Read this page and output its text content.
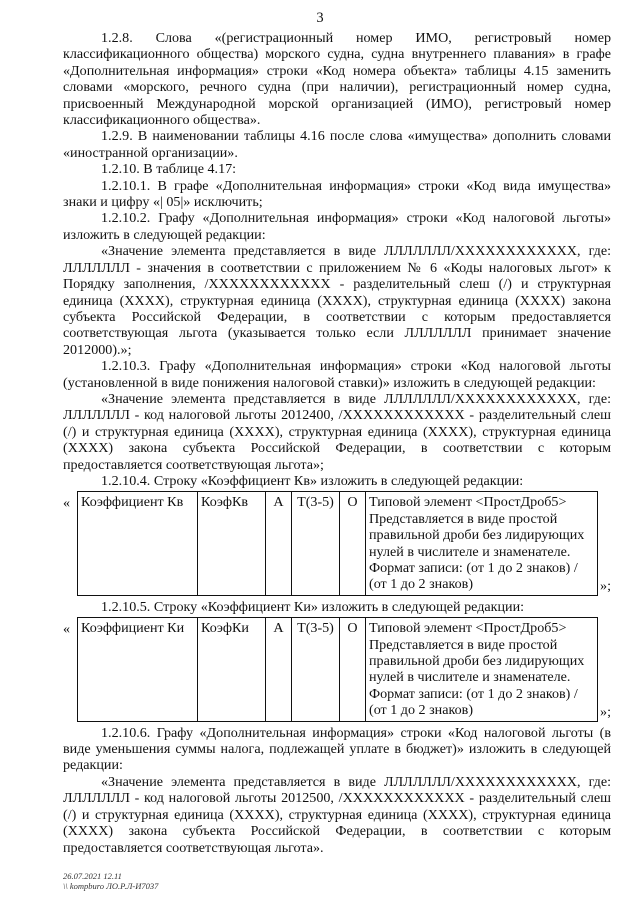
3

1.2.8. Слова «(регистрационный номер ИМО, регистровый номер классификационного общества) морского судна, судна внутреннего плавания» в графе «Дополнительная информация» строки «Код номера объекта» таблицы 4.15 заменить словами «морского, речного судна (при наличии), регистрационный номер судна, присвоенный Международной морской организацией (ИМО), регистровый номер классификационного общества».

1.2.9. В наименовании таблицы 4.16 после слова «имущества» дополнить словами «иностранной организации».

1.2.10. В таблице 4.17:

1.2.10.1. В графе «Дополнительная информация» строки «Код вида имущества» знаки и цифру «| 05|» исключить;

1.2.10.2. Графу «Дополнительная информация» строки «Код налоговой льготы» изложить в следующей редакции:

«Значение элемента представляется в виде ЛЛЛЛЛЛЛ/ХХХХХХХХХХХХ, где: ЛЛЛЛЛЛЛ - значения в соответствии с приложением № 6 «Коды налоговых льгот» к Порядку заполнения, /ХХХХХХХХХХХХ - разделительный слеш (/) и структурная единица (ХХХХ), структурная единица (ХХХХ), структурная единица (ХХХХ) закона субъекта Российской Федерации, в соответствии с которым предоставляется соответствующая льгота (указывается только если ЛЛЛЛЛЛЛ принимает значение 2012000).»;

1.2.10.3. Графу «Дополнительная информация» строки «Код налоговой льготы (установленной в виде понижения налоговой ставки)» изложить в следующей редакции:

«Значение элемента представляется в виде ЛЛЛЛЛЛЛ/ХХХХХХХХХХХХ, где: ЛЛЛЛЛЛЛ - код налоговой льготы 2012400, /ХХХХХХХХХХХХ - разделительный слеш (/) и структурная единица (ХХХХ), структурная единица (ХХХХ), структурная единица (ХХХХ) закона субъекта Российской Федерации, в соответствии с которым предоставляется соответствующая льгота»;

1.2.10.4. Строку «Коэффициент Кв» изложить в следующей редакции:

« Коэффициент Кв	КоэфКв	А	Т(3-5)	О	Типовой элемент <ПростДроб5> Представляется в виде простой правильной дроби без лидирующих нулей в числителе и знаменателе. Формат записи: (от 1 до 2 знаков) / (от 1 до 2 знаков)	»;

1.2.10.5. Строку «Коэффициент Ки» изложить в следующей редакции:

« Коэффициент Ки	КоэфКи	А	Т(3-5)	О	Типовой элемент <ПростДроб5> Представляется в виде простой правильной дроби без лидирующих нулей в числителе и знаменателе. Формат записи: (от 1 до 2 знаков) / (от 1 до 2 знаков)	»;

1.2.10.6. Графу «Дополнительная информация» строки «Код налоговой льготы (в виде уменьшения суммы налога, подлежащей уплате в бюджет)» изложить в следующей редакции:

«Значение элемента представляется в виде ЛЛЛЛЛЛЛ/ХХХХХХХХХХХХ, где: ЛЛЛЛЛЛЛ - код налоговой льготы 2012500, /ХХХХХХХХХХХХ - разделительный слеш (/) и структурная единица (ХХХХ), структурная единица (ХХХХ), структурная единица (ХХХХ) закона субъекта Российской Федерации, в соответствии с которым предоставляется соответствующая льгота».

26.07.2021 12.11
\\ kompburo ЛО.Р.Л-И7037
